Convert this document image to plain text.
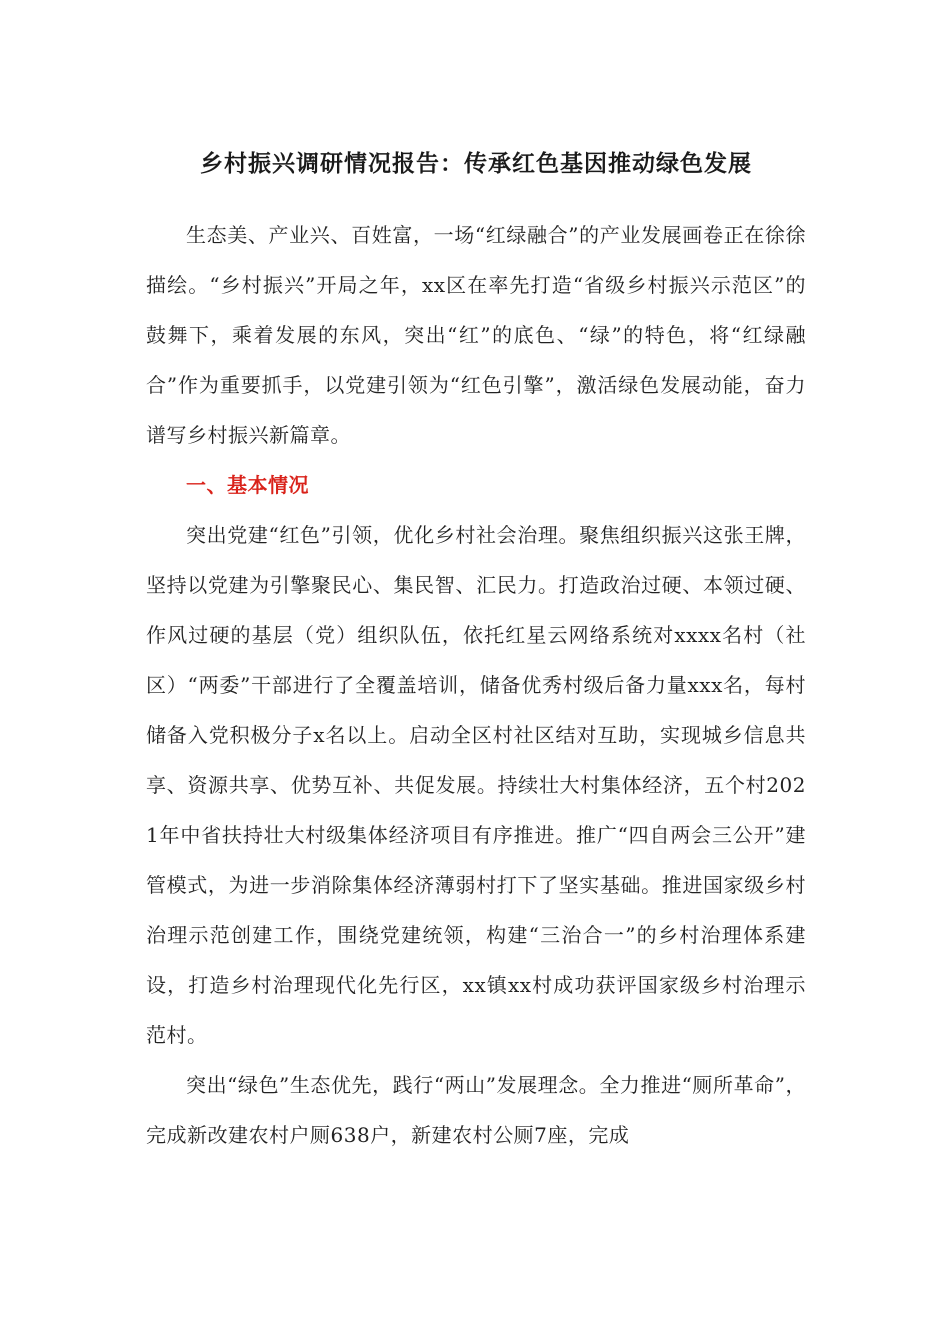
乡村振兴调研情况报告：传承红色基因推动绿色发展

生态美、产业兴、百姓富，一场“红绿融合”的产业发展画卷正在徐徐描绘。“乡村振兴”开局之年，xx区在率先打造“省级乡村振兴示范区”的鼓舞下，乘着发展的东风，突出“红”的底色、“绿”的特色，将“红绿融合”作为重要抓手，以党建引领为“红色引擎”，激活绿色发展动能，奋力谱写乡村振兴新篇章。

一、基本情况

突出党建“红色”引领，优化乡村社会治理。聚焦组织振兴这张王牌，坚持以党建为引擎聚民心、集民智、汇民力。打造政治过硬、本领过硬、作风过硬的基层（党）组织队伍，依托红星云网络系统对xxxx名村（社区）“两委”干部进行了全覆盖培训，储备优秀村级后备力量xxx名，每村储备入党积极分子x名以上。启动全区村社区结对互助，实现城乡信息共享、资源共享、优势互补、共促发展。持续壮大村集体经济，五个村2021年中省扶持壮大村级集体经济项目有序推进。推广“四自两会三公开”建管模式，为进一步消除集体经济薄弱村打下了坚实基础。推进国家级乡村治理示范创建工作，围绕党建统领，构建“三治合一”的乡村治理体系建设，打造乡村治理现代化先行区，xx镇xx村成功获评国家级乡村治理示范村。

突出“绿色”生态优先，践行“两山”发展理念。全力推进“厕所革命”，完成新改建农村户厕638户，新建农村公厕7座，完成
